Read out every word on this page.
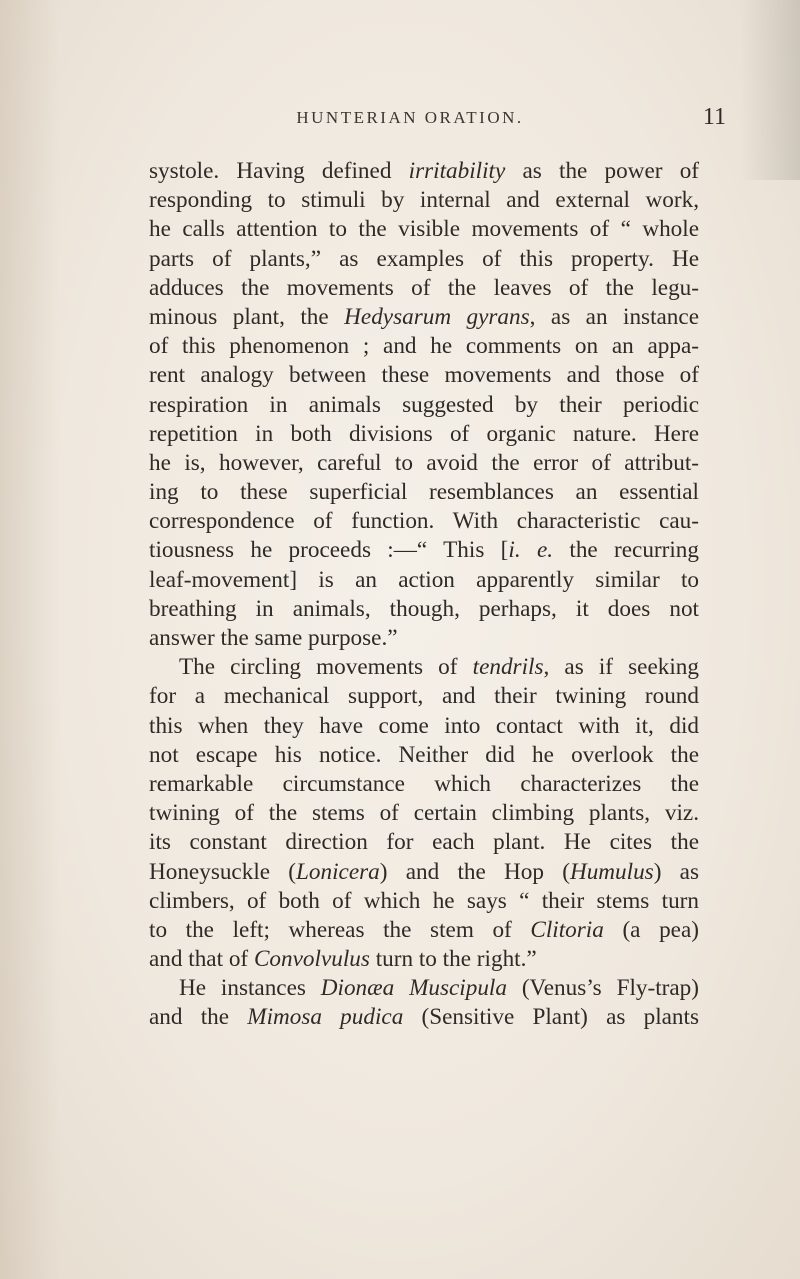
HUNTERIAN ORATION.	11
systole. Having defined irritability as the power of
responding to stimuli by internal and external work,
he calls attention to the visible movements of “ whole
parts of plants,” as examples of this property. He
adduces the movements of the leaves of the legu-
minous plant, the Hedysarum gyrans, as an instance
of this phenomenon ; and he comments on an appa-
rent analogy between these movements and those of
respiration in animals suggested by their periodic
repetition in both divisions of organic nature. Here
he is, however, careful to avoid the error of attribut-
ing to these superficial resemblances an essential
correspondence of function. With characteristic cau-
tiousness he proceeds :—“ This [i. e. the recurring
leaf-movement] is an action apparently similar to
breathing in animals, though, perhaps, it does not
answer the same purpose.”
The circling movements of tendrils, as if seeking
for a mechanical support, and their twining round
this when they have come into contact with it, did
not escape his notice. Neither did he overlook the
remarkable circumstance which characterizes the
twining of the stems of certain climbing plants, viz.
its constant direction for each plant. He cites the
Honeysuckle (Lonicera) and the Hop (Humulus) as
climbers, of both of which he says “ their stems turn
to the left; whereas the stem of Clitoria (a pea)
and that of Convolvulus turn to the right.”
He instances Dionæa Muscipula (Venus’s Fly-trap)
and the Mimosa pudica (Sensitive Plant) as plants
